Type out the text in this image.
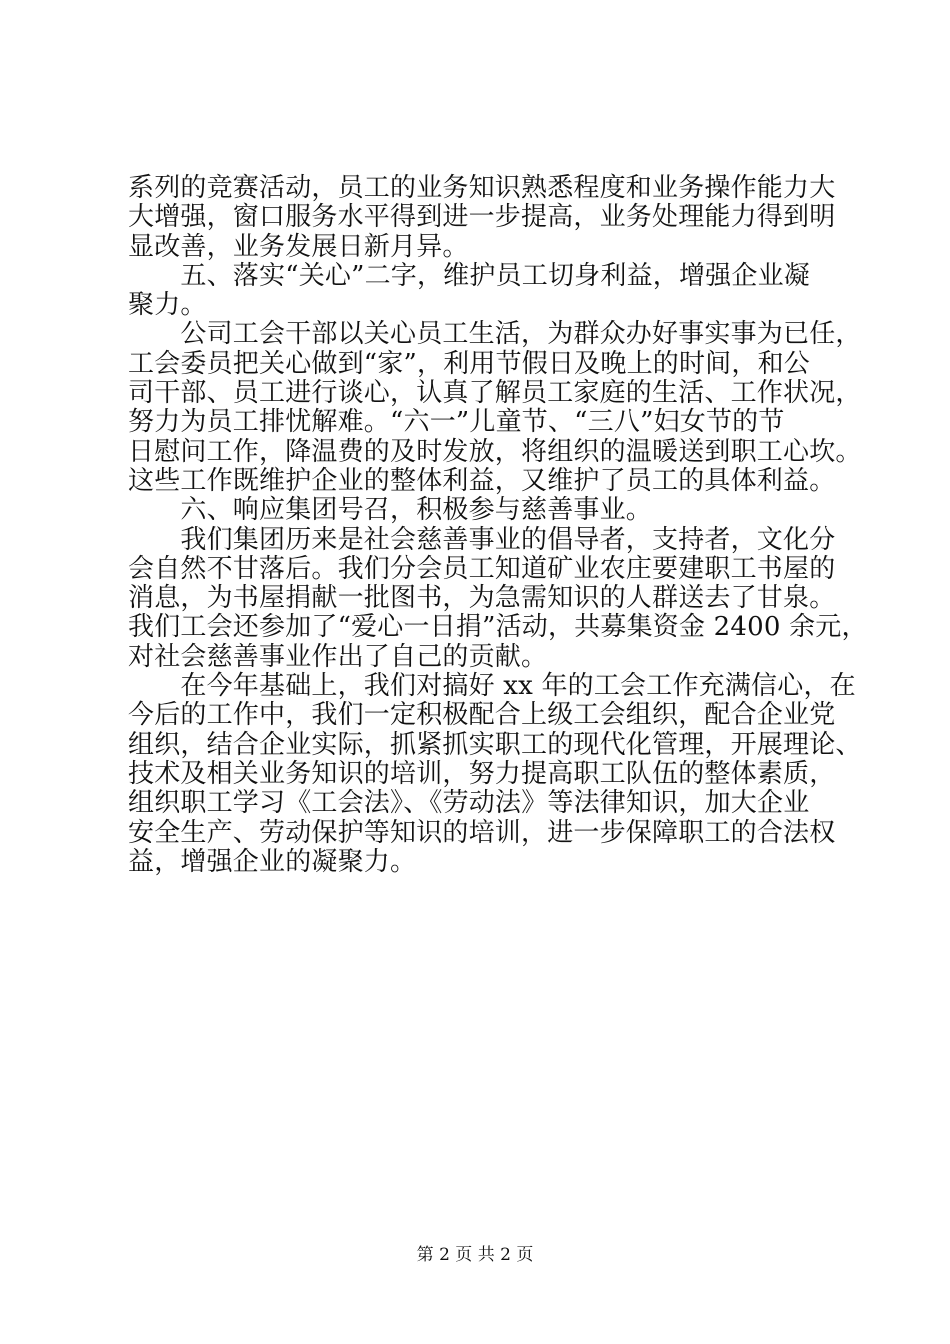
系列的竞赛活动，员工的业务知识熟悉程度和业务操作能力大
大增强，窗口服务水平得到进一步提高，业务处理能力得到明
显改善，业务发展日新月异。
　　五、落实“关心”二字，维护员工切身利益，增强企业凝
聚力。
　　公司工会干部以关心员工生活，为群众办好事实事为已任，
工会委员把关心做到“家”，利用节假日及晚上的时间，和公
司干部、员工进行谈心，认真了解员工家庭的生活、工作状况，
努力为员工排忧解难。“六一”儿童节、“三八”妇女节的节
日慰问工作，降温费的及时发放，将组织的温暖送到职工心坎。
这些工作既维护企业的整体利益，又维护了员工的具体利益。
　　六、响应集团号召，积极参与慈善事业。
　　我们集团历来是社会慈善事业的倡导者，支持者，文化分
会自然不甘落后。我们分会员工知道矿业农庄要建职工书屋的
消息，为书屋捐献一批图书，为急需知识的人群送去了甘泉。
我们工会还参加了“爱心一日捐”活动，共募集资金 2400 余元，
对社会慈善事业作出了自己的贡献。
　　在今年基础上，我们对搞好 xx 年的工会工作充满信心，在
今后的工作中，我们一定积极配合上级工会组织，配合企业党
组织，结合企业实际，抓紧抓实职工的现代化管理，开展理论、
技术及相关业务知识的培训，努力提高职工队伍的整体素质，
组织职工学习《工会法》、《劳动法》等法律知识，加大企业
安全生产、劳动保护等知识的培训，进一步保障职工的合法权
益，增强企业的凝聚力。
第 2 页 共 2 页
